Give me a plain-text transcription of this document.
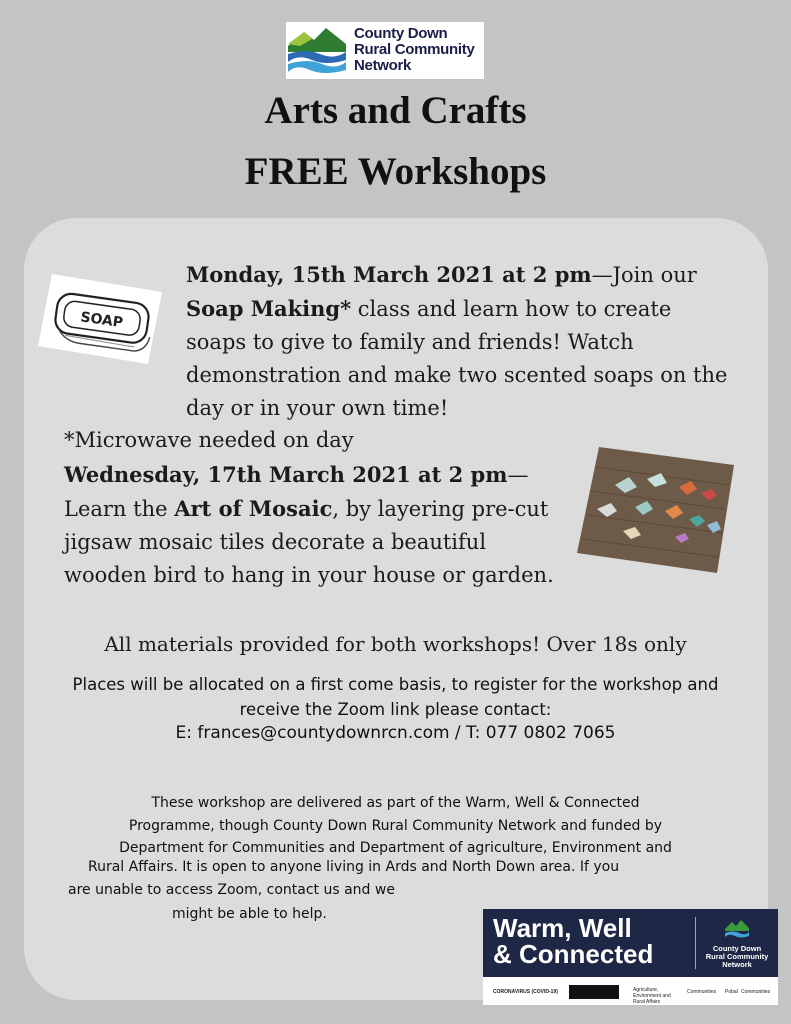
County Down
Rural Community
Network
Arts and Crafts
FREE Workshops
SOAP
Monday, 15th March 2021 at 2 pm—Join our Soap Making* class and learn how to create soaps to give to family and friends! Watch demonstration and make two scented soaps on the day or in your own time!
*Microwave needed on day
Wednesday, 17th March 2021 at 2 pm—Learn the Art of Mosaic, by layering pre-cut jigsaw mosaic tiles decorate a beautiful wooden bird to hang in your house or garden.
All materials provided for both workshops! Over 18s only
Places will be allocated on a first come basis, to register for the workshop and receive the Zoom link please contact:
E: frances@countydownrcn.com / T: 077 0802 7065
These workshop are delivered as part of the Warm, Well & Connected
Programme, though County Down Rural Community Network and funded by
Department for Communities and Department of agriculture, Environment and
Rural Affairs. It is open to anyone living in Ards and North Down area. If you
are unable to access Zoom, contact us and we
might be able to help.	Warm, Well
& Connected	County Down
Rural Community
Network
CORONAVIRUS (COVID-19)	Agriculture, Environment and Rural Affairs
Communities Pobal Communities
